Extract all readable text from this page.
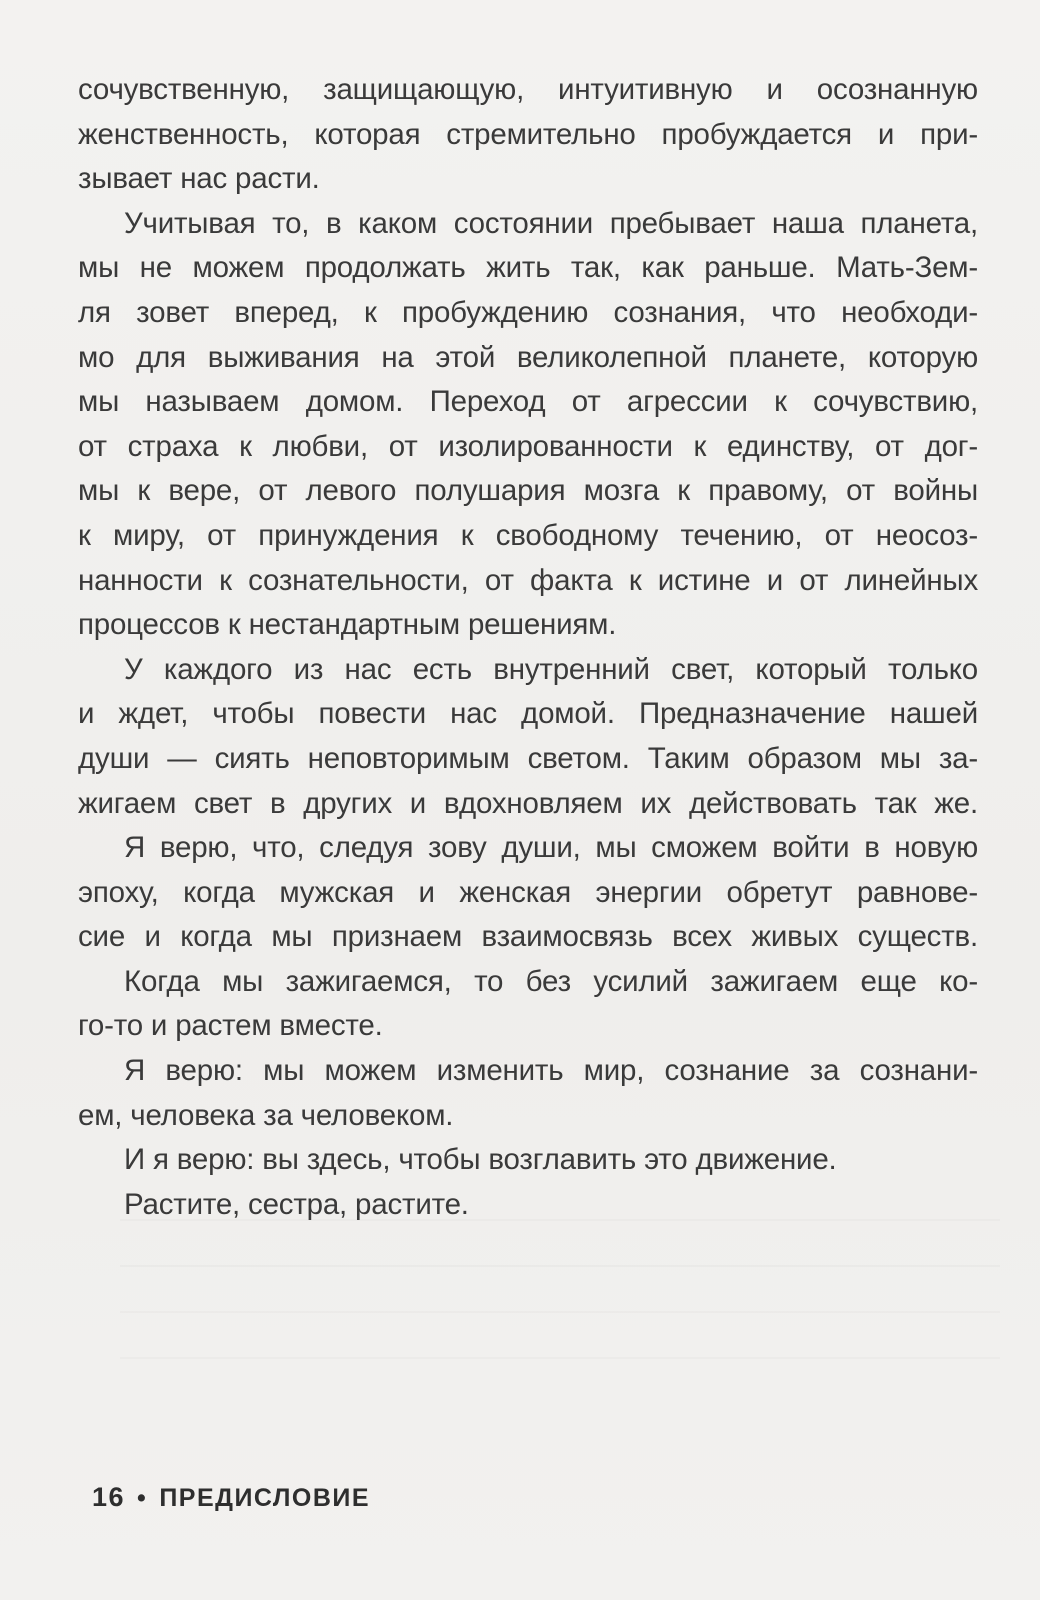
сочувственную, защищающую, интуитивную и осознанную
женственность, которая стремительно пробуждается и при-
зывает нас расти.
Учитывая то, в каком состоянии пребывает наша планета,
мы не можем продолжать жить так, как раньше. Мать-Зем-
ля зовет вперед, к пробуждению сознания, что необходи-
мо для выживания на этой великолепной планете, которую
мы называем домом. Переход от агрессии к сочувствию,
от страха к любви, от изолированности к единству, от дог-
мы к вере, от левого полушария мозга к правому, от войны
к миру, от принуждения к свободному течению, от неосоз-
нанности к сознательности, от факта к истине и от линейных
процессов к нестандартным решениям.
У каждого из нас есть внутренний свет, который только
и ждет, чтобы повести нас домой. Предназначение нашей
души — сиять неповторимым светом. Таким образом мы за-
жигаем свет в других и вдохновляем их действовать так же.
Я верю, что, следуя зову души, мы сможем войти в новую
эпоху, когда мужская и женская энергии обретут равнове-
сие и когда мы признаем взаимосвязь всех живых существ.
Когда мы зажигаемся, то без усилий зажигаем еще ко-
го-то и растем вместе.
Я верю: мы можем изменить мир, сознание за сознани-
ем, человека за человеком.
И я верю: вы здесь, чтобы возглавить это движение.
Растите, сестра, растите.
16 • ПРЕДИСЛОВИЕ
